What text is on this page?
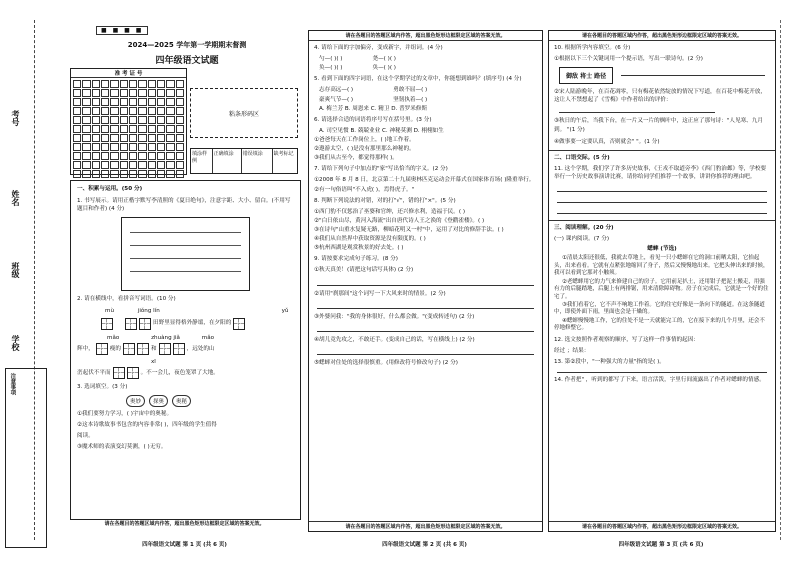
考号
姓名
班级
学校
注意事项
■ ■ ■ ■
2024—2025 学年第一学期期末督测
四年级语文试题
准 考 证 号
粘条形码区
填涂样例
正确填涂	错误填涂	缺考标记
一、积累与运用。(50 分)
1. 书写展示。请用正楷字默写李清照的《夏日绝句》，注意字距、大小、留白。(不用写题目和作者) (4 分)
2. 请在横线中，看拼音写词语。(10 分)
mù	jiǒng lín	yǔ
田野里显得格外静谧，在夕阳的
mǎo	zhuàng jiǎ	mǎo
辉中，	瘦的	和	，远处的山
xī
峦起伏不平而	。不一会儿，夜色笼罩了大地。
3. 选词填空。(3 分)
奥妙	探奥	奥秘
①我们要努力学习，( )宇宙中的奥秘。
②这本诗歌故事书包含的内容非常( )，四年级的学生值得
阅读。
③魔术师的表演变幻莫测，( )无穷。
请在各题目的答题区域内作答，超出黑色矩形边框限定区域的答案无效。
四年级语文试题 第 1 页 (共 6 页)
请在各题目的答题区域内作答，超出黑色矩形边框限定区域的答案无效。
4. 请给下面的字加偏旁，变成新字，并组词。(4 分)
勺—( )( )	尧—( )( )
奂—( )( )	奂—( )( )
5. 看到下面的四字词语，在这个学期学过的文章中，你能想到谁吗？(填序号) (4 分)
志存高远—( )	勇敢不屈—( )
豪爽气节—( )	坚韧执着—( )
A. 梅兰芳 B. 周恩来 C. 精卫 D. 普罗米修斯
6. 请选择合适的词语将序号写在括号里。(3 分)
A. 司空见惯 B. 兢兢业业 C. 神秘莫测 D. 栩栩如生
①爸爸每天在工作岗位上，( )地工作着。
②遨游太空，( )是没有那里那么神秘的。
③我们从古至今，都觉得那样( )。
7. 请给下列句子中加点的"家"写出恰当的字义。(2 分)
①2008 年 8 月 8 日，北京第二十九届奥林匹克运动会开幕式在国家体育场( )隆重举行。
②有一句俗语叫"不入虎( )，焉得虎子。"
8. 判断下列说法的对错，对的打"√"，错的打"×"。(5 分)
①西门豹不仅惩治了巫婆和官绅，还兴修水利，造福于民。( )
②"白日依山尽，黄河入海流"出自唐代诗人王之涣的《登鹳雀楼》。( )
③在诗句"山重水复疑无路，柳暗花明又一村"中，运用了对比的修辞手法。( )
④我们从自然界中获取资源是没有限度的。( )
⑤杭州西湖是观赏秋景的好去处。( )
9. 请按要求完成句子练习。(8 分)
①秋天真美！(请把这句话写具体) (2 分)
②请用"刹那间"这个词写一下大风来时的情景。(2 分)
③外婆问我："我的身体很好，什么都会做。"(变成转述句) (2 分)
④胡儿竟先攻之，不敢还手。(变成自己的话，写在横线上) (2 分)
⑤蟋蟀对住处的选择很慎重。(用修改符号修改句子) (2 分)
请在各题目的答题区域内作答，超出黑色矩形边框限定区域的答案无效。
四年级语文试题 第 2 页 (共 6 页)
请在各题目的答题区域内作答，超出黑色矩形边框限定区域的答案无效。
10. 根据所学内容填空。(6 分)
①根据以下三个关键词用一个提示语，写出一联诗句。(2 分)
御敌 将士 路径
②宋人陆游晚年，在百花凋零，只有梅花依然绽放的情况下写道，在百花中梅花开放，这让人不禁想起了《雪梅》中作者给出的评价：
③秋日的午后，当我下台，在一片又一片的枫叶中，这正应了那句诗："人见寒、九月到。 "(1 分)
④做事要一定要认真，否则就会" "。(1 分)
二、口语交际。(5 分)
11. 这个学期，我们学了许多历史故事，《王戎不取道旁李》《西门豹治邺》等，学校要举行一个历史故事演讲比赛，请你给同学们推荐一个故事，讲讲你推荐的理由吧。
三、阅读理解。(20 分)
(一) 课内阅读。(7 分)
蟋蟀 (节选)
①清晨太阳还很低，我就去草地上，看见一只小蟋蟀在它的洞口前晒太阳，它抬起头，出来看看。它就有点紧张地缩回了身子，然后又慢慢地出来。它把头伸出来的时候，我可以看到它那对小触须。
②老蟋蟀用它的力气来修建自己的房子。它用前足扒土，还用钳子把泥土搬走，用强有力的后腿踏地，后腿上有两排锯，用来清除障碍物。房子在完成后，它就是一个好的住宅了。
③我们看着它，它不声不响地工作着。它的住宅好像是一条向下的隧道。在这条隧道中，即使外面下雨，里面也会是干燥的。
④蟋蟀慢慢地工作，它的住处不是一天就能完工的，它在接下来的几个月里，还会不停地修整它。
12. 选文按照作者观察的顺序，写了这样一件事情的起因：
经过 ；结果：
13. 第②段中，"一种强大的力量"指的是( )。
14. 作者把" ，听到的都写了下来，语言活泼，字里行间流露出了作者对蟋蟀的情感。
请在各题目的答题区域内作答，超出黑色矩形边框限定区域的答案无效。
四年级语文试题 第 3 页 (共 6 页)
